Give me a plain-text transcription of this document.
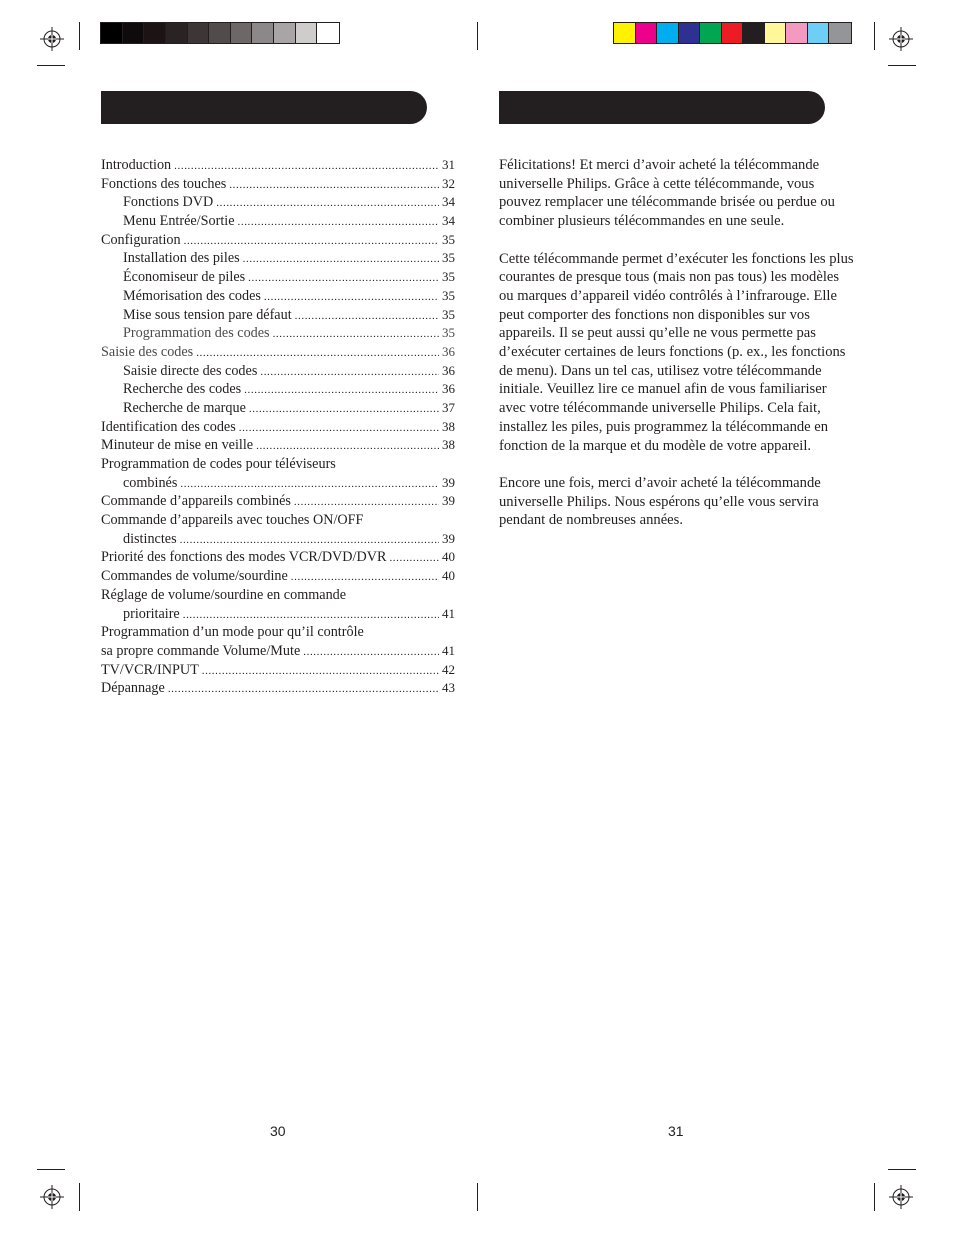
Introduction .....	31
Fonctions des touches .....	32
Fonctions DVD .....	34
Menu Entrée/Sortie .....	34
Configuration .....	35
Installation des piles .....	35
Économiseur de piles .....	35
Mémorisation des codes .....	35
Mise sous tension pare défaut .....	35
Programmation des codes .....	35
Saisie des codes .....	36
Saisie directe des codes .....	36
Recherche des codes .....	36
Recherche de marque .....	37
Identification des codes .....	38
Minuteur de mise en veille .....	38
Programmation de codes pour téléviseurs
combinés .....	39
Commande d’appareils combinés .....	39
Commande d’appareils avec touches ON/OFF
distinctes .....	39
Priorité des fonctions des modes VCR/DVD/DVR .....	40
Commandes de volume/sourdine .....	40
Réglage de volume/sourdine en commande
prioritaire .....	41
Programmation d’un mode pour qu’il contrôle
sa propre commande Volume/Mute .....	41
TV/VCR/INPUT .....	42
Dépannage .....	43

Félicitations! Et merci d’avoir acheté la télécommande universelle Philips. Grâce à cette télécommande, vous pouvez remplacer une télécommande brisée ou perdue ou combiner plusieurs télécommandes en une seule.

Cette télécommande permet d’exécuter les fonctions les plus courantes de presque tous (mais non pas tous) les modèles ou marques d’appareil vidéo contrôlés à l’infrarouge. Elle peut comporter des fonctions non disponibles sur vos appareils. Il se peut aussi qu’elle ne vous permette pas d’exécuter certaines de leurs fonctions (p. ex., les fonctions de menu). Dans un tel cas, utilisez votre télécommande initiale. Veuillez lire ce manuel afin de vous familiariser avec votre télécommande universelle Philips. Cela fait, installez les piles, puis programmez la télécommande en fonction de la marque et du modèle de votre appareil.

Encore une fois, merci d’avoir acheté la télécommande universelle Philips. Nous espérons qu’elle vous servira pendant de nombreuses années.

30	31
